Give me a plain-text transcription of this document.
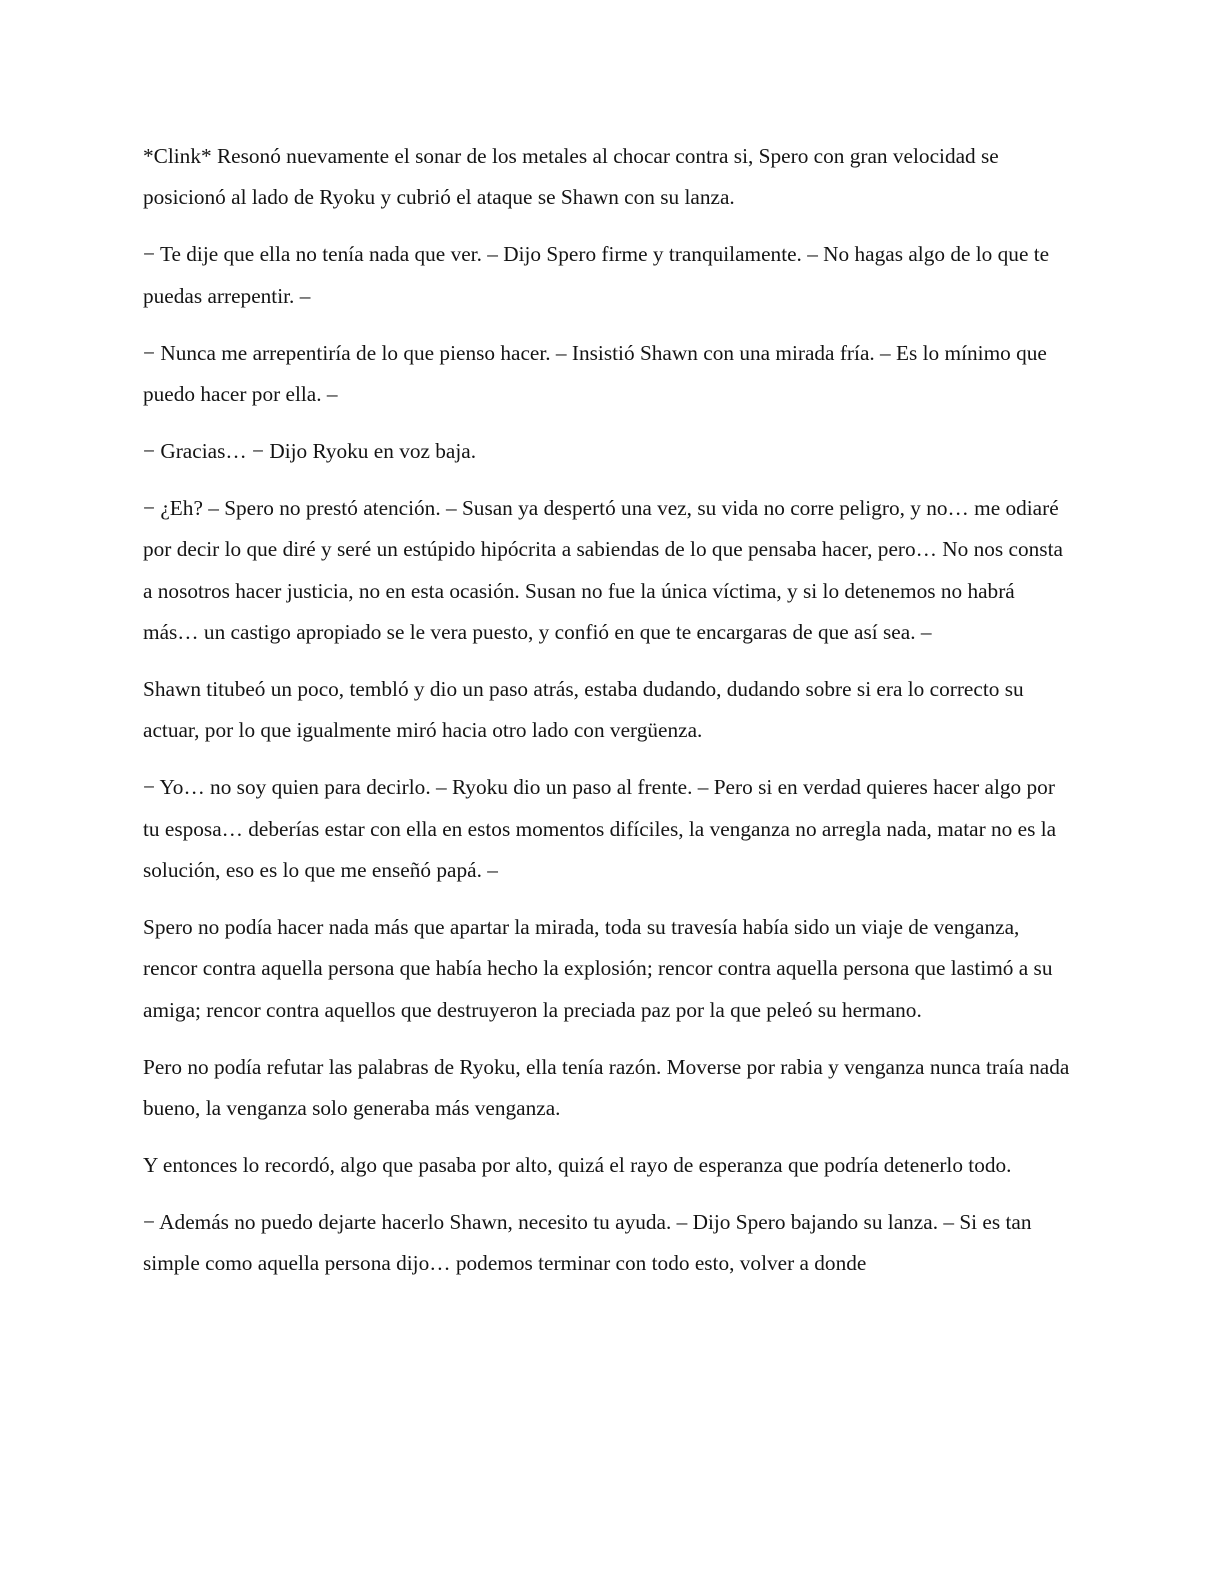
*Clink* Resonó nuevamente el sonar de los metales al chocar contra si, Spero con gran velocidad se posicionó al lado de Ryoku y cubrió el ataque se Shawn con su lanza.

− Te dije que ella no tenía nada que ver. – Dijo Spero firme y tranquilamente. – No hagas algo de lo que te puedas arrepentir. –

− Nunca me arrepentiría de lo que pienso hacer. – Insistió Shawn con una mirada fría. – Es lo mínimo que puedo hacer por ella. –

− Gracias… − Dijo Ryoku en voz baja.

− ¿Eh? – Spero no prestó atención. – Susan ya despertó una vez, su vida no corre peligro, y no… me odiaré por decir lo que diré y seré un estúpido hipócrita a sabiendas de lo que pensaba hacer, pero… No nos consta a nosotros hacer justicia, no en esta ocasión. Susan no fue la única víctima, y si lo detenemos no habrá más… un castigo apropiado se le vera puesto, y confió en que te encargaras de que así sea. –

Shawn titubeó un poco, tembló y dio un paso atrás, estaba dudando, dudando sobre si era lo correcto su actuar, por lo que igualmente miró hacia otro lado con vergüenza.

− Yo… no soy quien para decirlo. – Ryoku dio un paso al frente. – Pero si en verdad quieres hacer algo por tu esposa… deberías estar con ella en estos momentos difíciles, la venganza no arregla nada, matar no es la solución, eso es lo que me enseñó papá. –

Spero no podía hacer nada más que apartar la mirada, toda su travesía había sido un viaje de venganza, rencor contra aquella persona que había hecho la explosión; rencor contra aquella persona que lastimó a su amiga; rencor contra aquellos que destruyeron la preciada paz por la que peleó su hermano.

Pero no podía refutar las palabras de Ryoku, ella tenía razón. Moverse por rabia y venganza nunca traía nada bueno, la venganza solo generaba más venganza.

Y entonces lo recordó, algo que pasaba por alto, quizá el rayo de esperanza que podría detenerlo todo.

− Además no puedo dejarte hacerlo Shawn, necesito tu ayuda. – Dijo Spero bajando su lanza. – Si es tan simple como aquella persona dijo… podemos terminar con todo esto, volver a donde
